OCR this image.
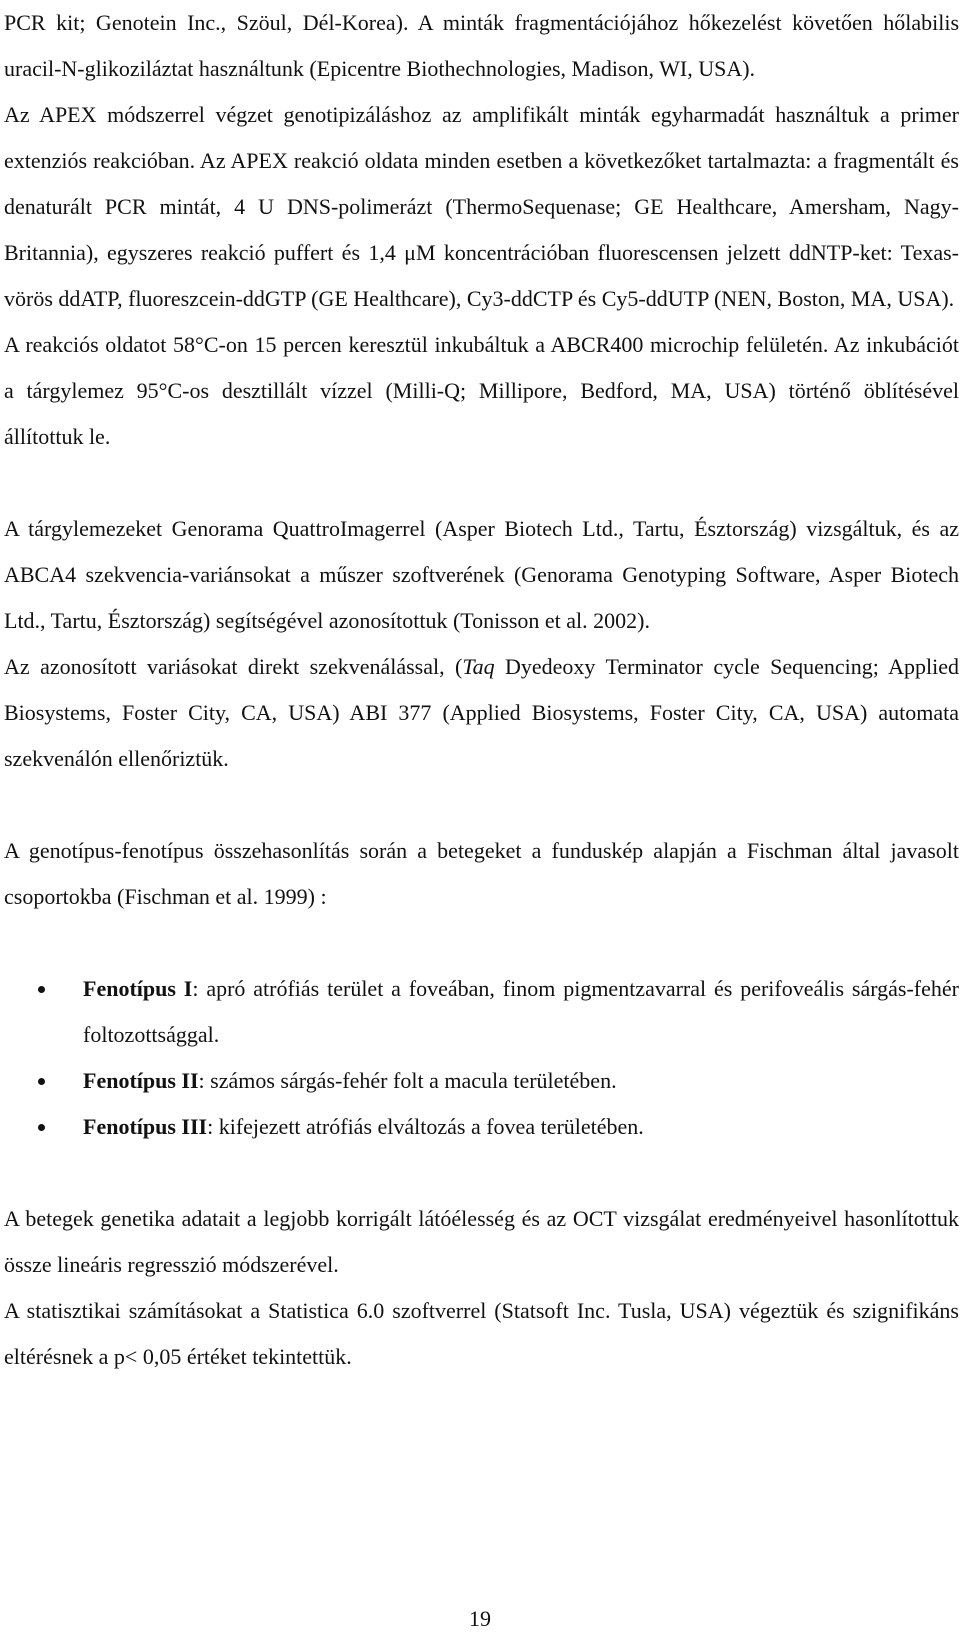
PCR kit; Genotein Inc., Szöul, Dél-Korea). A minták fragmentációjához hőkezelést követően hőlabilis uracil-N-glikoziláztat használtunk (Epicentre Biothechnologies, Madison, WI, USA).

Az APEX módszerrel végzet genotipizáláshoz az amplifikált minták egyharmadát használtuk a primer extenziós reakcióban. Az APEX reakció oldata minden esetben a következőket tartalmazta: a fragmentált és denaturált PCR mintát, 4 U DNS-polimerázt (ThermoSequenase; GE Healthcare, Amersham, Nagy-Britannia), egyszeres reakció puffert és 1,4 μM koncentrációban fluorescensen jelzett ddNTP-ket: Texas-vörös ddATP, fluoreszcein-ddGTP (GE Healthcare), Cy3-ddCTP és Cy5-ddUTP (NEN, Boston, MA, USA).

A reakciós oldatot 58°C-on 15 percen keresztül inkubáltuk a ABCR400 microchip felületén. Az inkubációt a tárgylemez 95°C-os desztillált vízzel (Milli-Q; Millipore, Bedford, MA, USA) történő öblítésével állítottuk le.

A tárgylemezeket Genorama QuattroImagerrel (Asper Biotech Ltd., Tartu, Észtország) vizsgáltuk, és az ABCA4 szekvencia-variánsokat a műszer szoftverének (Genorama Genotyping Software, Asper Biotech Ltd., Tartu, Észtország) segítségével azonosítottuk (Tonisson et al. 2002).

Az azonosított variásokat direkt szekvenálással, (Taq Dyedeoxy Terminator cycle Sequencing; Applied Biosystems, Foster City, CA, USA) ABI 377 (Applied Biosystems, Foster City, CA, USA) automata szekvenálón ellenőriztük.

A genotípus-fenotípus összehasonlítás során a betegeket a funduskép alapján a Fischman által javasolt csoportokba (Fischman et al. 1999) :

Fenotípus I: apró atrófiás terület a foveában, finom pigmentzavarral és perifoveális sárgás-fehér foltozottsággal.
Fenotípus II: számos sárgás-fehér folt a macula területében.
Fenotípus III: kifejezett atrófiás elváltozás a fovea területében.

A betegek genetika adatait a legjobb korrigált látóélesség és az OCT vizsgálat eredményeivel hasonlítottuk össze lineáris regresszió módszerével.

A statisztikai számításokat a Statistica 6.0 szoftverrel (Statsoft Inc. Tusla, USA) végeztük és szignifikáns eltérésnek a p< 0,05 értéket tekintettük.

19
